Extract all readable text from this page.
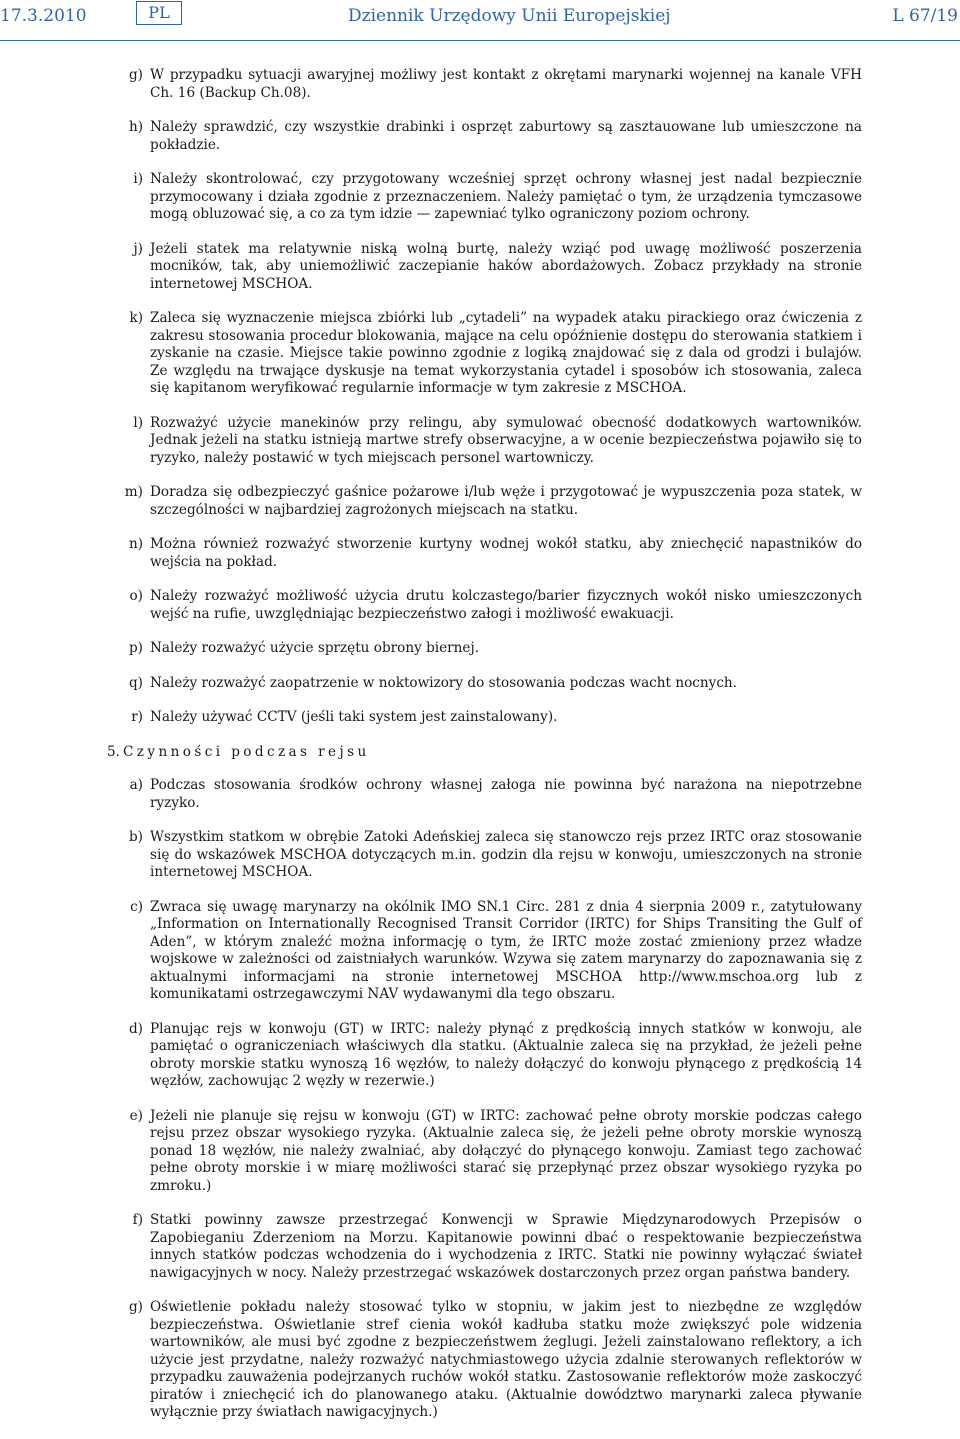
17.3.2010	PL	Dziennik Urzędowy Unii Europejskiej	L 67/19
g) W przypadku sytuacji awaryjnej możliwy jest kontakt z okrętami marynarki wojennej na kanale VFH Ch. 16 (Backup Ch.08).

h) Należy sprawdzić, czy wszystkie drabinki i osprzęt zaburtowy są zasztauowane lub umieszczone na pokładzie.

i) Należy skontrolować, czy przygotowany wcześniej sprzęt ochrony własnej jest nadal bezpiecznie przymocowany i działa zgodnie z przeznaczeniem. Należy pamiętać o tym, że urządzenia tymczasowe mogą obluzować się, a co za tym idzie — zapewniać tylko ograniczony poziom ochrony.

j) Jeżeli statek ma relatywnie niską wolną burtę, należy wziąć pod uwagę możliwość poszerzenia mocników, tak, aby uniemożliwić zaczepianie haków abordażowych. Zobacz przykłady na stronie internetowej MSCHOA.

k) Zaleca się wyznaczenie miejsca zbiórki lub „cytadeli” na wypadek ataku pirackiego oraz ćwiczenia z zakresu stosowania procedur blokowania, mające na celu opóźnienie dostępu do sterowania statkiem i zyskanie na czasie. Miejsce takie powinno zgodnie z logiką znajdować się z dala od grodzi i bulajów. Ze względu na trwające dyskusje na temat wykorzystania cytadel i sposobów ich stosowania, zaleca się kapitanom weryfikować regularnie informacje w tym zakresie z MSCHOA.

l) Rozważyć użycie manekinów przy relingu, aby symulować obecność dodatkowych wartowników. Jednak jeżeli na statku istnieją martwe strefy obserwacyjne, a w ocenie bezpieczeństwa pojawiło się to ryzyko, należy postawić w tych miejscach personel wartowniczy.

m) Doradza się odbezpieczyć gaśnice pożarowe i/lub węże i przygotować je wypuszczenia poza statek, w szczególności w najbardziej zagrożonych miejscach na statku.

n) Można również rozważyć stworzenie kurtyny wodnej wokół statku, aby zniechęcić napastników do wejścia na pokład.

o) Należy rozważyć możliwość użycia drutu kolczastego/barier fizycznych wokół nisko umieszczonych wejść na rufie, uwzględniając bezpieczeństwo załogi i możliwość ewakuacji.

p) Należy rozważyć użycie sprzętu obrony biernej.

q) Należy rozważyć zaopatrzenie w noktowizory do stosowania podczas wacht nocnych.

r) Należy używać CCTV (jeśli taki system jest zainstalowany).

5. Czynności podczas rejsu
a) Podczas stosowania środków ochrony własnej załoga nie powinna być narażona na niepotrzebne ryzyko.

b) Wszystkim statkom w obrębie Zatoki Adeńskiej zaleca się stanowczo rejs przez IRTC oraz stosowanie się do wskazówek MSCHOA dotyczących m.in. godzin dla rejsu w konwoju, umieszczonych na stronie internetowej MSCHOA.

c) Zwraca się uwagę marynarzy na okólnik IMO SN.1 Circ. 281 z dnia 4 sierpnia 2009 r., zatytułowany „Information on Internationally Recognised Transit Corridor (IRTC) for Ships Transiting the Gulf of Aden”, w którym znaleźć można informację o tym, że IRTC może zostać zmieniony przez władze wojskowe w zależności od zaistniałych warunków. Wzywa się zatem marynarzy do zapoznawania się z aktualnymi informacjami na stronie internetowej MSCHOA http://www.mschoa.org lub z komunikatami ostrzegawczymi NAV wydawanymi dla tego obszaru.

d) Planując rejs w konwoju (GT) w IRTC: należy płynąć z prędkością innych statków w konwoju, ale pamiętać o ograniczeniach właściwych dla statku. (Aktualnie zaleca się na przykład, że jeżeli pełne obroty morskie statku wynoszą 16 węzłów, to należy dołączyć do konwoju płynącego z prędkością 14 węzłów, zachowując 2 węzły w rezerwie.)

e) Jeżeli nie planuje się rejsu w konwoju (GT) w IRTC: zachować pełne obroty morskie podczas całego rejsu przez obszar wysokiego ryzyka. (Aktualnie zaleca się, że jeżeli pełne obroty morskie wynoszą ponad 18 węzłów, nie należy zwalniać, aby dołączyć do płynącego konwoju. Zamiast tego zachować pełne obroty morskie i w miarę możliwości starać się przepłynąć przez obszar wysokiego ryzyka po zmroku.)

f) Statki powinny zawsze przestrzegać Konwencji w Sprawie Międzynarodowych Przepisów o Zapobieganiu Zderzeniom na Morzu. Kapitanowie powinni dbać o respektowanie bezpieczeństwa innych statków podczas wchodzenia do i wychodzenia z IRTC. Statki nie powinny wyłączać świateł nawigacyjnych w nocy. Należy przestrzegać wskazówek dostarczonych przez organ państwa bandery.

g) Oświetlenie pokładu należy stosować tylko w stopniu, w jakim jest to niezbędne ze względów bezpieczeństwa. Oświetlanie stref cienia wokół kadłuba statku może zwiększyć pole widzenia wartowników, ale musi być zgodne z bezpieczeństwem żeglugi. Jeżeli zainstalowano reflektory, a ich użycie jest przydatne, należy rozważyć natychmiastowego użycia zdalnie sterowanych reflektorów w przypadku zauważenia podejrzanych ruchów wokół statku. Zastosowanie reflektorów może zaskoczyć piratów i zniechęcić ich do planowanego ataku. (Aktualnie dowództwo marynarki zaleca pływanie wyłącznie przy światłach nawigacyjnych.)
